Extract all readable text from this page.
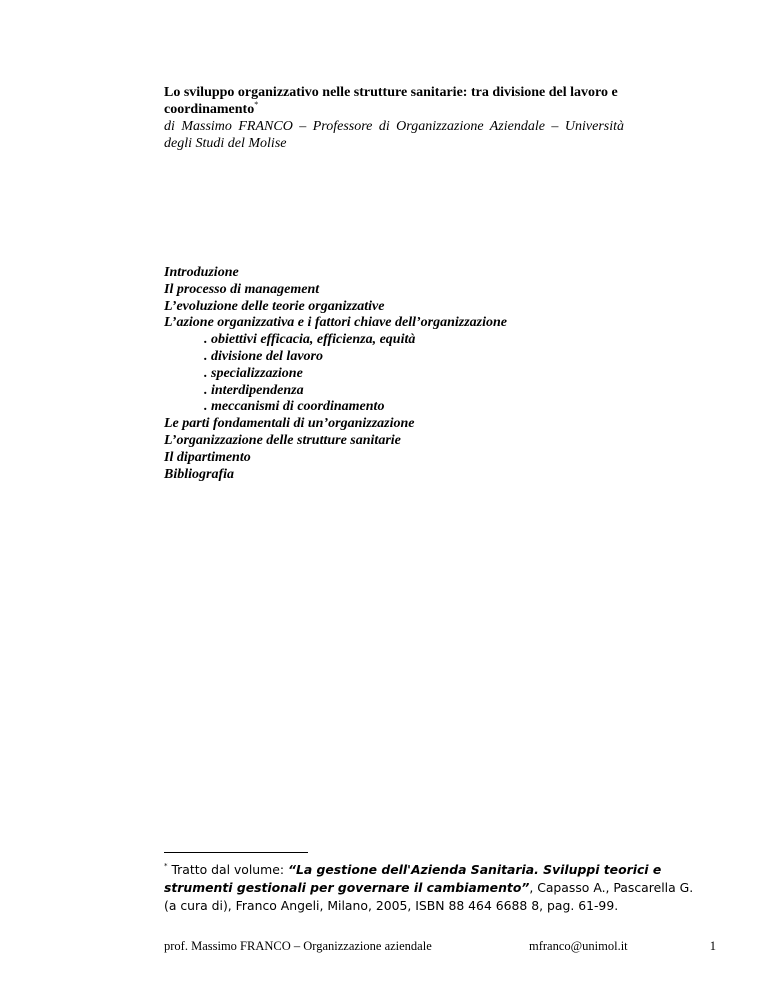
Lo sviluppo organizzativo nelle strutture sanitarie: tra divisione del lavoro e coordinamento*

di Massimo FRANCO – Professore di Organizzazione Aziendale – Università degli Studi del Molise

Introduzione

Il processo di management

L’evoluzione delle teorie organizzative

L’azione organizzativa e i fattori chiave dell’organizzazione

. obiettivi efficacia, efficienza, equità

. divisione del lavoro

. specializzazione

. interdipendenza

. meccanismi di coordinamento

Le parti fondamentali di un’organizzazione

L’organizzazione delle strutture sanitarie

Il dipartimento

Bibliografia

* Tratto dal volume: “La gestione dell'Azienda Sanitaria. Sviluppi teorici e strumenti gestionali per governare il cambiamento”, Capasso A., Pascarella G. (a cura di), Franco Angeli, Milano, 2005, ISBN 88 464 6688 8, pag. 61-99.
prof. Massimo FRANCO – Organizzazione aziendale	mfranco@unimol.it	1
